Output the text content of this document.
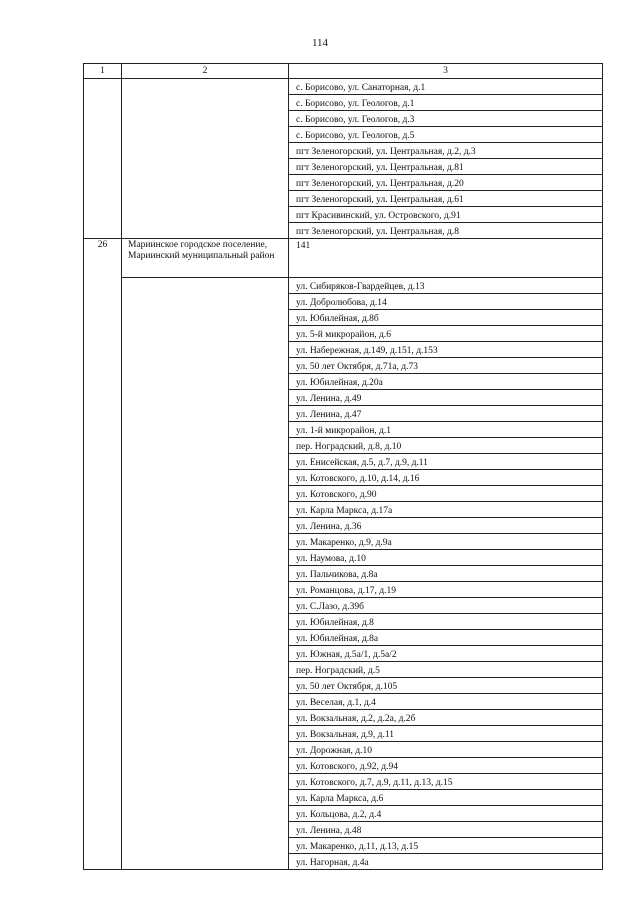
114
1	2	3
		с. Борисово, ул. Санаторная, д.1
		с. Борисово, ул. Геологов, д.1
		с. Борисово, ул. Геологов, д.3
		с. Борисово, ул. Геологов, д.5
		пгт Зеленогорский, ул. Центральная, д.2, д.3
		пгт Зеленогорский, ул. Центральная, д.81
		пгт Зеленогорский, ул. Центральная, д.20
		пгт Зеленогорский, ул. Центральная, д.61
		пгт Красивинский, ул. Островского, д.91
		пгт Зеленогорский, ул. Центральная, д.8
26	Мариинское городское поселение, Мариинский муниципальный район	141
		ул. Сибиряков-Гвардейцев, д.13
		ул. Добролюбова, д.14
		ул. Юбилейная, д.8б
		ул. 5-й микрорайон, д.6
		ул. Набережная, д.149, д.151, д.153
		ул. 50 лет Октября, д.71а, д.73
		ул. Юбилейная, д.20а
		ул. Ленина, д.49
		ул. Ленина, д.47
		ул. 1-й микрорайон, д.1
		пер. Ноградский, д.8, д.10
		ул. Енисейская, д.5, д.7, д.9, д.11
		ул. Котовского, д.10, д.14, д.16
		ул. Котовского, д.90
		ул. Карла Маркса, д.17а
		ул. Ленина, д.36
		ул. Макаренко, д.9, д.9а
		ул. Наумова, д.10
		ул. Пальчикова, д.8а
		ул. Романцова, д.17, д.19
		ул. С.Лазо, д.39б
		ул. Юбилейная, д.8
		ул. Юбилейная, д.8а
		ул. Южная, д.5а/1, д.5а/2
		пер. Ноградский, д.5
		ул. 50 лет Октября, д.105
		ул. Веселая, д.1, д.4
		ул. Вокзальная, д.2, д.2а, д.2б
		ул. Вокзальная, д.9, д.11
		ул. Дорожная, д.10
		ул. Котовского, д.92, д.94
		ул. Котовского, д.7, д.9, д.11, д.13, д.15
		ул. Карла Маркса, д.6
		ул. Кольцова, д.2, д.4
		ул. Ленина, д.48
		ул. Макаренко, д.11, д.13, д.15
		ул. Нагорная, д.4а
